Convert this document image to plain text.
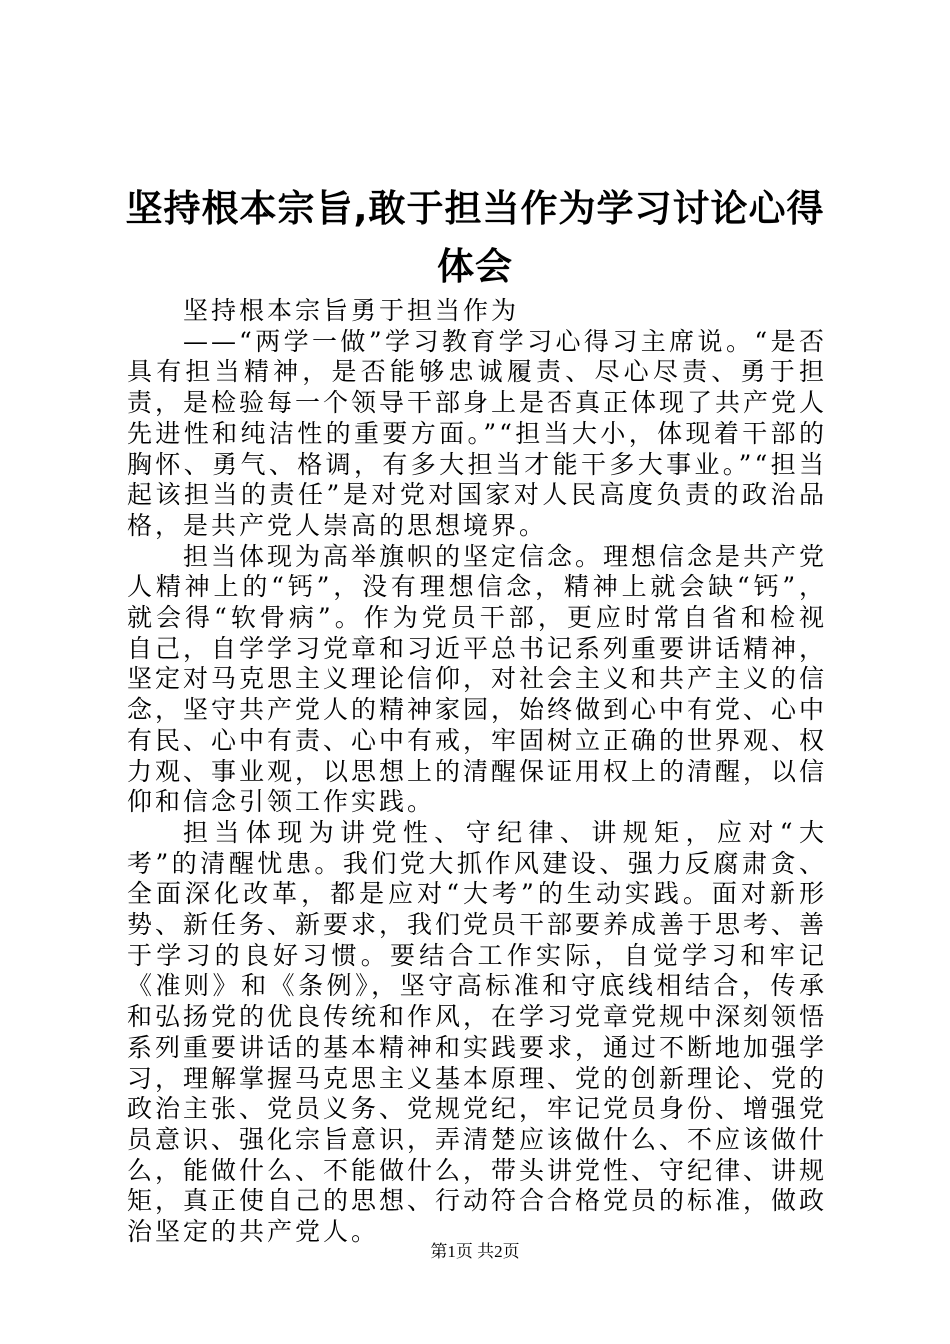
坚持根本宗旨,敢于担当作为学习讨论心得体会

坚持根本宗旨勇于担当作为

——“两学一做”学习教育学习心得习主席说。“是否具有担当精神，是否能够忠诚履责、尽心尽责、勇于担责，是检验每一个领导干部身上是否真正体现了共产党人先进性和纯洁性的重要方面。”“担当大小，体现着干部的胸怀、勇气、格调，有多大担当才能干多大事业。”“担当起该担当的责任”是对党对国家对人民高度负责的政治品格，是共产党人崇高的思想境界。

担当体现为高举旗帜的坚定信念。理想信念是共产党人精神上的“钙”，没有理想信念，精神上就会缺“钙”，就会得“软骨病”。作为党员干部，更应时常自省和检视自己，自学学习党章和习近平总书记系列重要讲话精神，坚定对马克思主义理论信仰，对社会主义和共产主义的信念，坚守共产党人的精神家园，始终做到心中有党、心中有民、心中有责、心中有戒，牢固树立正确的世界观、权力观、事业观，以思想上的清醒保证用权上的清醒，以信仰和信念引领工作实践。

担当体现为讲党性、守纪律、讲规矩，应对“大考”的清醒忧患。我们党大抓作风建设、强力反腐肃贪、全面深化改革，都是应对“大考”的生动实践。面对新形势、新任务、新要求，我们党员干部要养成善于思考、善于学习的良好习惯。要结合工作实际，自觉学习和牢记《准则》和《条例》，坚守高标准和守底线相结合，传承和弘扬党的优良传统和作风，在学习党章党规中深刻领悟系列重要讲话的基本精神和实践要求，通过不断地加强学习，理解掌握马克思主义基本原理、党的创新理论、党的政治主张、党员义务、党规党纪，牢记党员身份、增强党员意识、强化宗旨意识，弄清楚应该做什么、不应该做什么，能做什么、不能做什么，带头讲党性、守纪律、讲规矩，真正使自己的思想、行动符合合格党员的标准，做政治坚定的共产党人。

第1页 共2页
